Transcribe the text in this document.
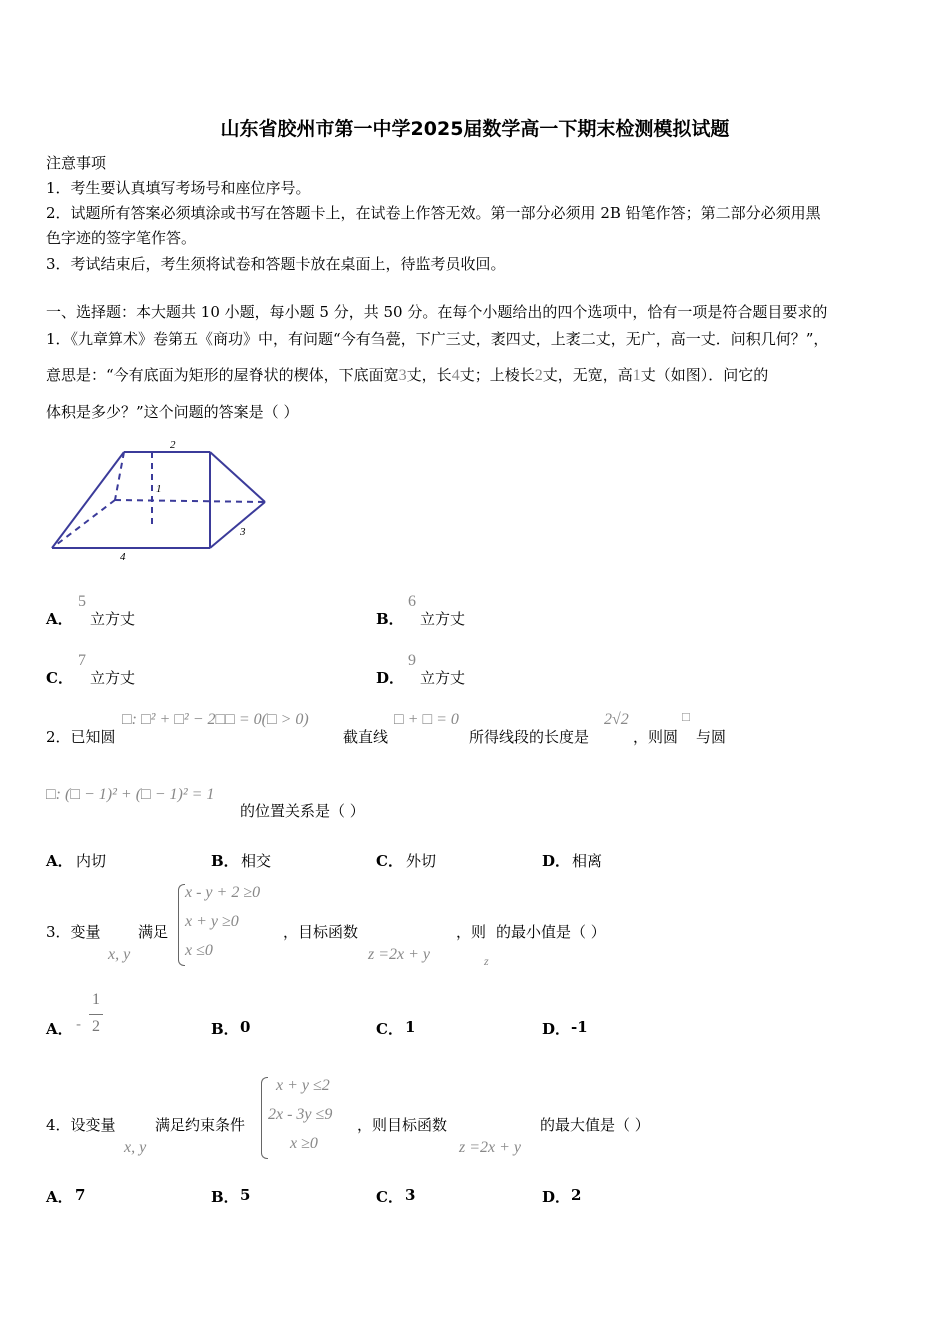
山东省胶州市第一中学2025届数学高一下期末检测模拟试题
注意事项
1．考生要认真填写考场号和座位序号。
2．试题所有答案必须填涂或书写在答题卡上，在试卷上作答无效。第一部分必须用 2B 铅笔作答；第二部分必须用黑
色字迹的签字笔作答。
3．考试结束后，考生须将试卷和答题卡放在桌面上，待监考员收回。
一、选择题：本大题共 10 小题，每小题 5 分，共 50 分。在每个小题给出的四个选项中，恰有一项是符合题目要求的
1．《九章算术》卷第五《商功》中，有问题“今有刍甍，下广三丈，袤四丈，上袤二丈，无广，高一丈．问积几何？”，
意思是：“今有底面为矩形的屋脊状的楔体，下底面宽3丈，长4丈；上棱长2丈，无宽，高1丈（如图）．问它的
体积是多少？”这个问题的答案是（ ）
2
1
3
4
A．
5
立方丈	B．
6
立方丈
C．
7
立方丈	D．
9
立方丈
2．已知圆
□: □² + □² − 2□□ = 0(□ > 0)
截直线
□ + □ = 0
所得线段的长度是
2√2
，则圆
□
与圆
□: (□ − 1)² + (□ − 1)² = 1
的位置关系是（ ）
A． 内切	B． 相交	C． 外切	D． 相离
3．变量
x, y
满足
x - y + 2 ≥0
x + y ≥0
x ≤0
，目标函数
z =2x + y
，则
z
的最小值是（ ）
A． -
1
2	B． 0	C． 1	D． -1
4．设变量
x, y
满足约束条件
x + y ≤2
2x - 3y ≤9
x ≥0
，则目标函数
z =2x + y
的最大值是（ ）
A． 7	B． 5	C． 3	D． 2
